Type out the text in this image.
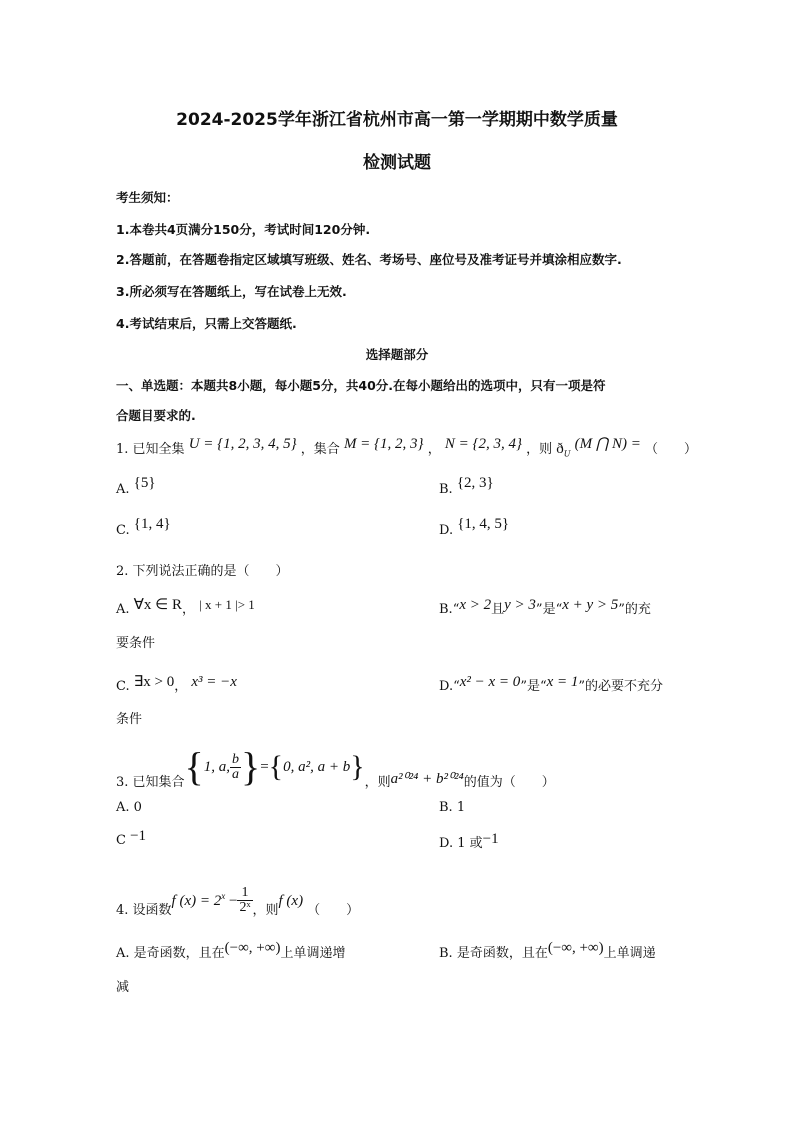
2024-2025学年浙江省杭州市高一第一学期期中数学质量
检测试题
考生须知：
1.本卷共4页满分150分，考试时间120分钟.
2.答题前，在答题卷指定区域填写班级、姓名、考场号、座位号及准考证号并填涂相应数字.
3.所必须写在答题纸上，写在试卷上无效.
4.考试结束后，只需上交答题纸.
选择题部分
一、单选题：本题共8小题，每小题5分，共40分.在每小题给出的选项中，只有一项是符
合题目要求的.
1. 已知全集 U = {1, 2, 3, 4, 5} ，集合 M = {1, 2, 3} ， N = {2, 3, 4} ，则 $ð_U$ (M ⋂ N) = （　　）
A. {5}	B. {2, 3}
C. {1, 4}	D. {1, 4, 5}
2. 下列说法正确的是（　　）
A. ∀x ∈ R， | x + 1 |> 1	B.“x > 2且y > 3”是“x + y > 5”的充
要条件
C. ∃x > 0， x³ = −x	D.“x² − x = 0”是“x = 1”的必要不充分
条件
3. 已知集合{1, a, $\frac{b}{a} \}=\{0$, a², a + b}，则a²⁰²⁴ + b²⁰²⁴的值为（　　）
A. 0	B. 1
C −1	D. 1 或−1
4. 设函数f $(x) = 2^x - \frac{1}{\text{2ˣ}}$ ，则f (x)（　　）
A. 是奇函数，且在(−∞, +∞)上单调递增	B. 是奇函数，且在(−∞, +∞)上单调递
减
